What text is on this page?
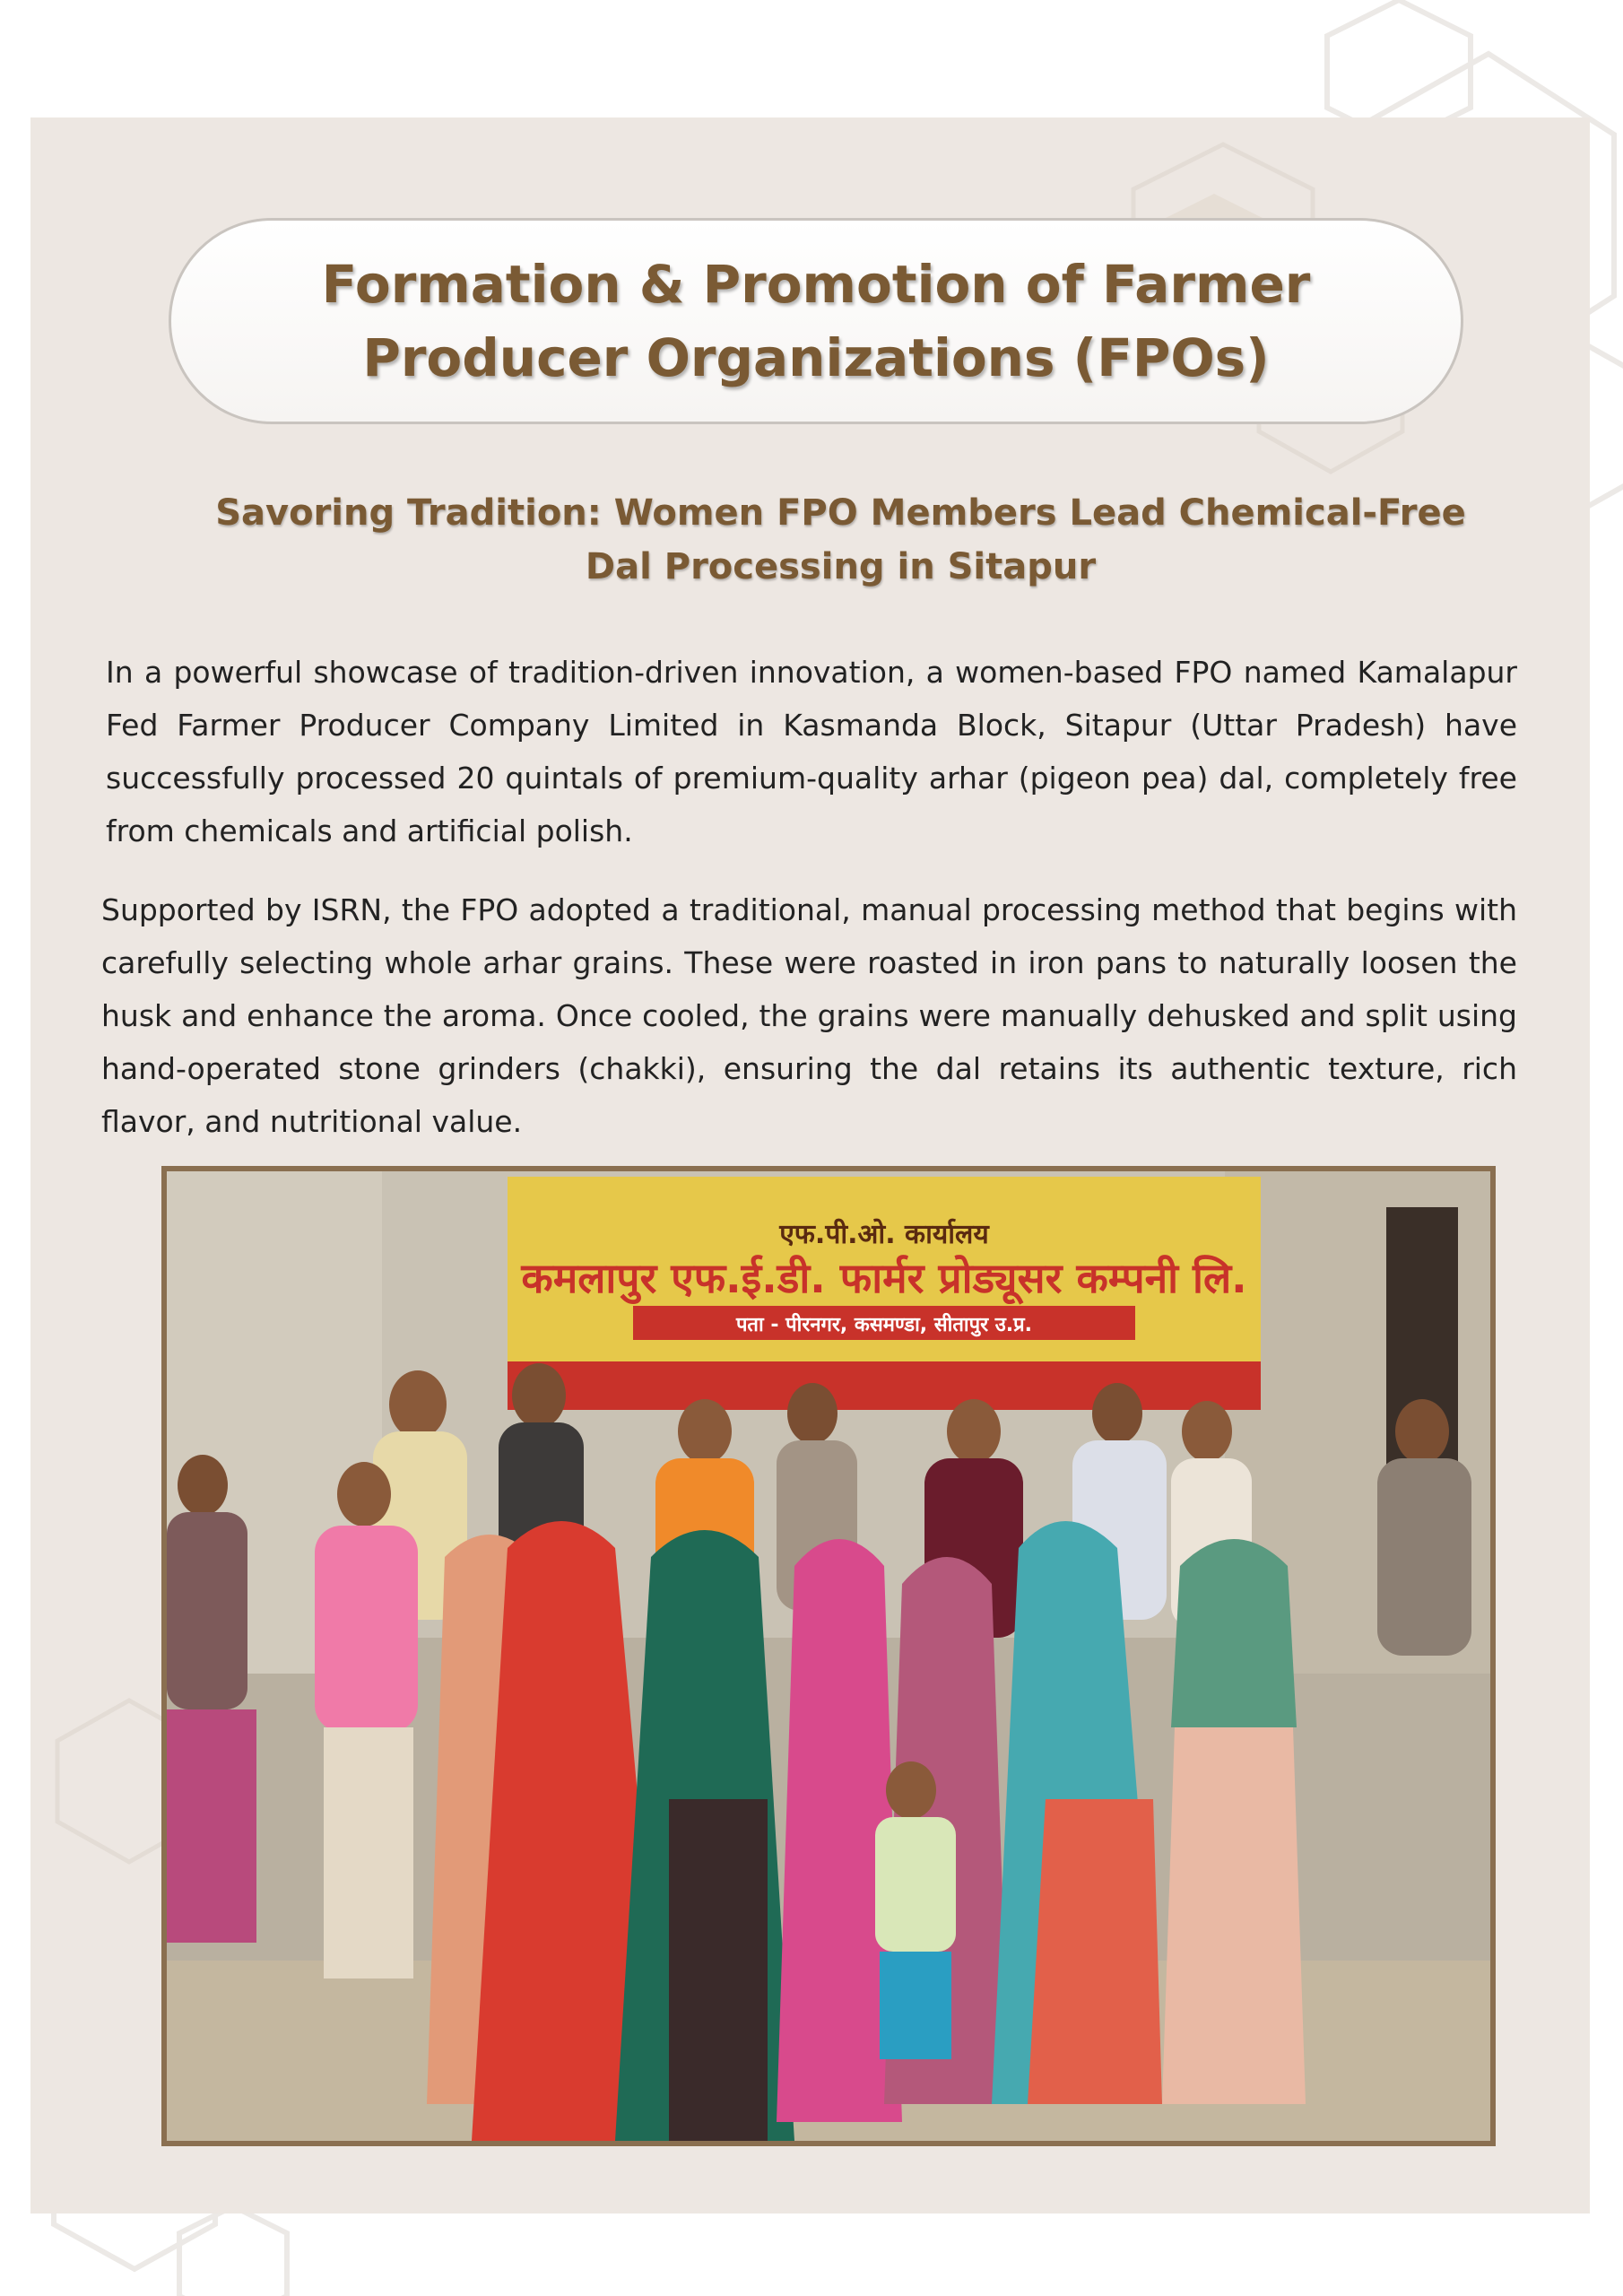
Formation & Promotion of Farmer
Producer Organizations (FPOs)
Savoring Tradition: Women FPO Members Lead Chemical-Free
Dal Processing in Sitapur

In a powerful showcase of tradition-driven innovation, a women-based FPO named Kamalapur Fed Farmer Producer Company Limited in Kasmanda Block, Sitapur (Uttar Pradesh) have successfully processed 20 quintals of premium-quality arhar (pigeon pea) dal, completely free from chemicals and artificial polish.

Supported by ISRN, the FPO adopted a traditional, manual processing method that begins with carefully selecting whole arhar grains. These were roasted in iron pans to naturally loosen the husk and enhance the aroma. Once cooled, the grains were manually dehusked and split using hand-operated stone grinders (chakki), ensuring the dal retains its authentic texture, rich flavor, and nutritional value.

एफ.पी.ओ. कार्यालय
कमलापुर एफ.ई.डी. फार्मर प्रोड्यूसर कम्पनी लि.
पता - पीरनगर, कसमण्डा, सीतापुर उ.प्र.
